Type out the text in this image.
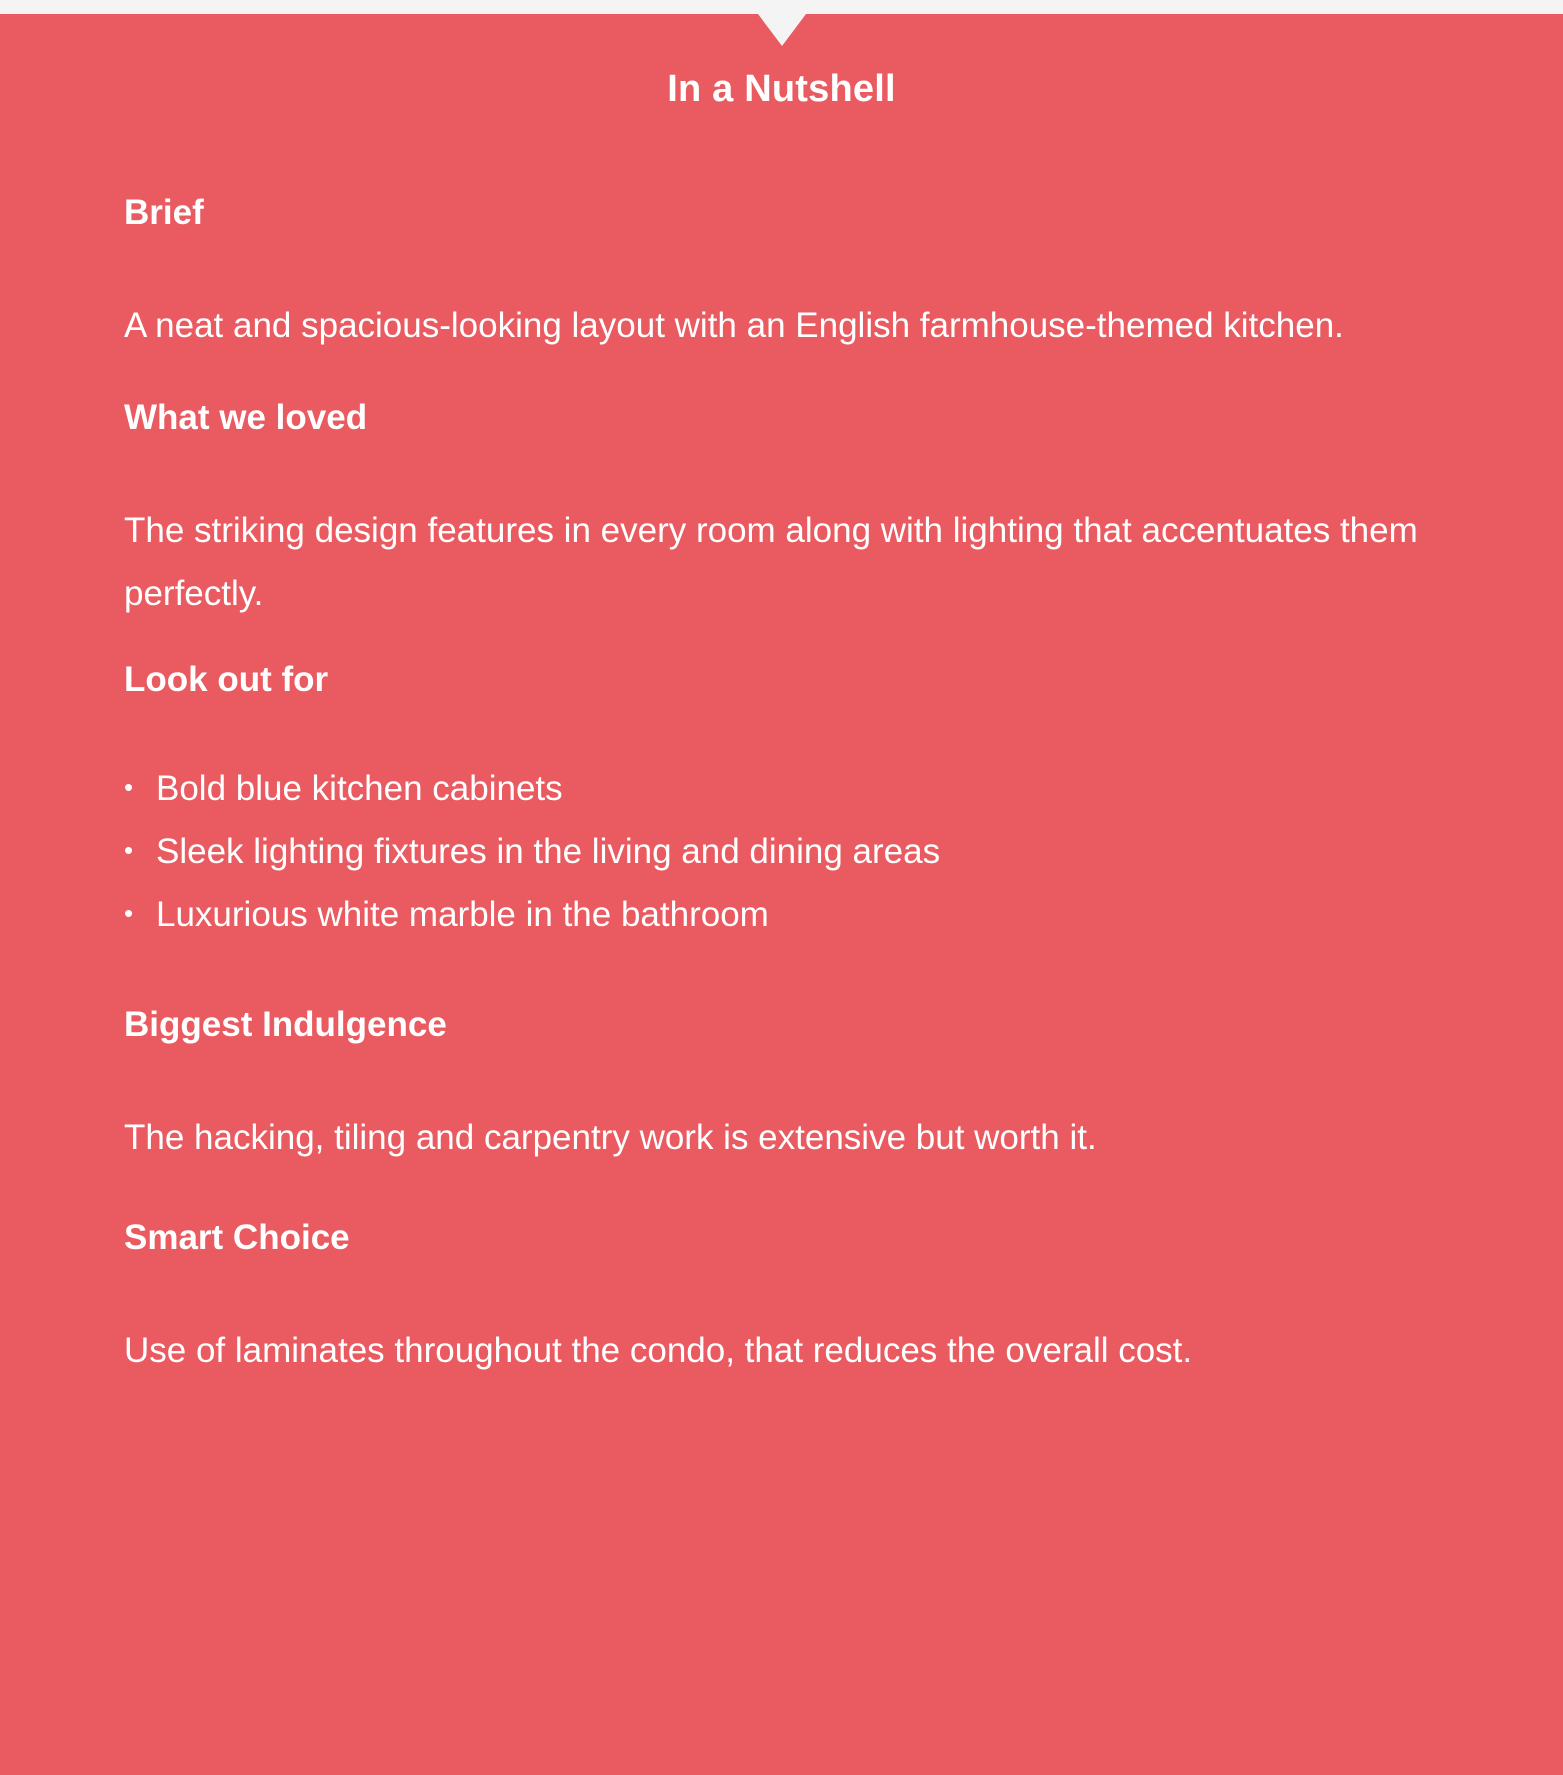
In a Nutshell
Brief

A neat and spacious-looking layout with an English farmhouse-themed kitchen.

What we loved

The striking design features in every room along with lighting that accentuates them perfectly.

Look out for
• Bold blue kitchen cabinets
• Sleek lighting fixtures in the living and dining areas
• Luxurious white marble in the bathroom
Biggest Indulgence

The hacking, tiling and carpentry work is extensive but worth it.

Smart Choice

Use of laminates throughout the condo, that reduces the overall cost.
